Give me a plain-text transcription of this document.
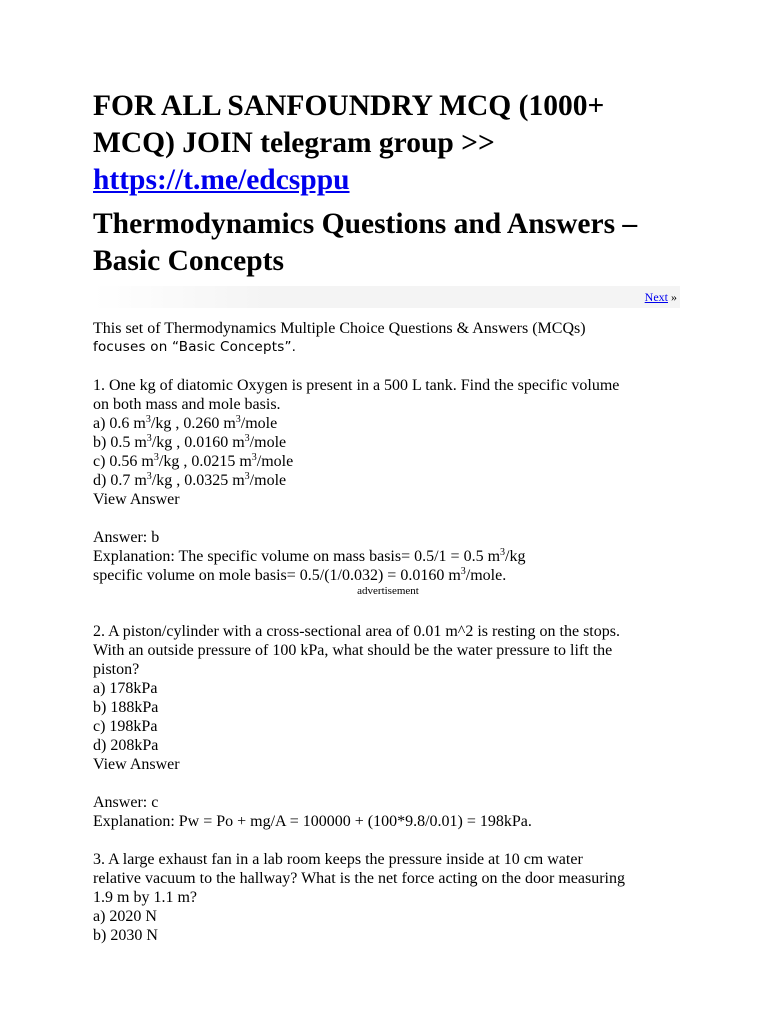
FOR ALL SANFOUNDRY MCQ (1000+ MCQ) JOIN telegram group >>
https://t.me/edcsppu
Thermodynamics Questions and Answers – Basic Concepts
Next »

This set of Thermodynamics Multiple Choice Questions & Answers (MCQs)

focuses on “Basic Concepts”.

1. One kg of diatomic Oxygen is present in a 500 L tank. Find the specific volume

on both mass and mole basis.

a) 0.6 $m^3/kg$ , 0.260 $m^3$/mole

b) 0.5 $m^3/kg$ , 0.0160 $m^3$/mole

c) 0.56 $m^3/kg$ , 0.0215 $m^3$/mole

d) 0.7 $m^3/kg$ , 0.0325 $m^3$/mole

View Answer

Answer: b

Explanation: The specific volume on mass basis= 0.5/1 = 0.5 $m^3/kg$

specific volume on mole basis= 0.5/(1/0.032) = 0.0160 $m^3$/mole.

advertisement

2. A piston/cylinder with a cross-sectional area of 0.01 m^2 is resting on the stops.

With an outside pressure of 100 kPa, what should be the water pressure to lift the

piston?

a) 178kPa

b) 188kPa

c) 198kPa

d) 208kPa

View Answer

Answer: c

Explanation: Pw = Po + mg/A = 100000 + (100*9.8/0.01) = 198kPa.

3. A large exhaust fan in a lab room keeps the pressure inside at 10 cm water

relative vacuum to the hallway? What is the net force acting on the door measuring

1.9 m by 1.1 m?

a) 2020 N

b) 2030 N
